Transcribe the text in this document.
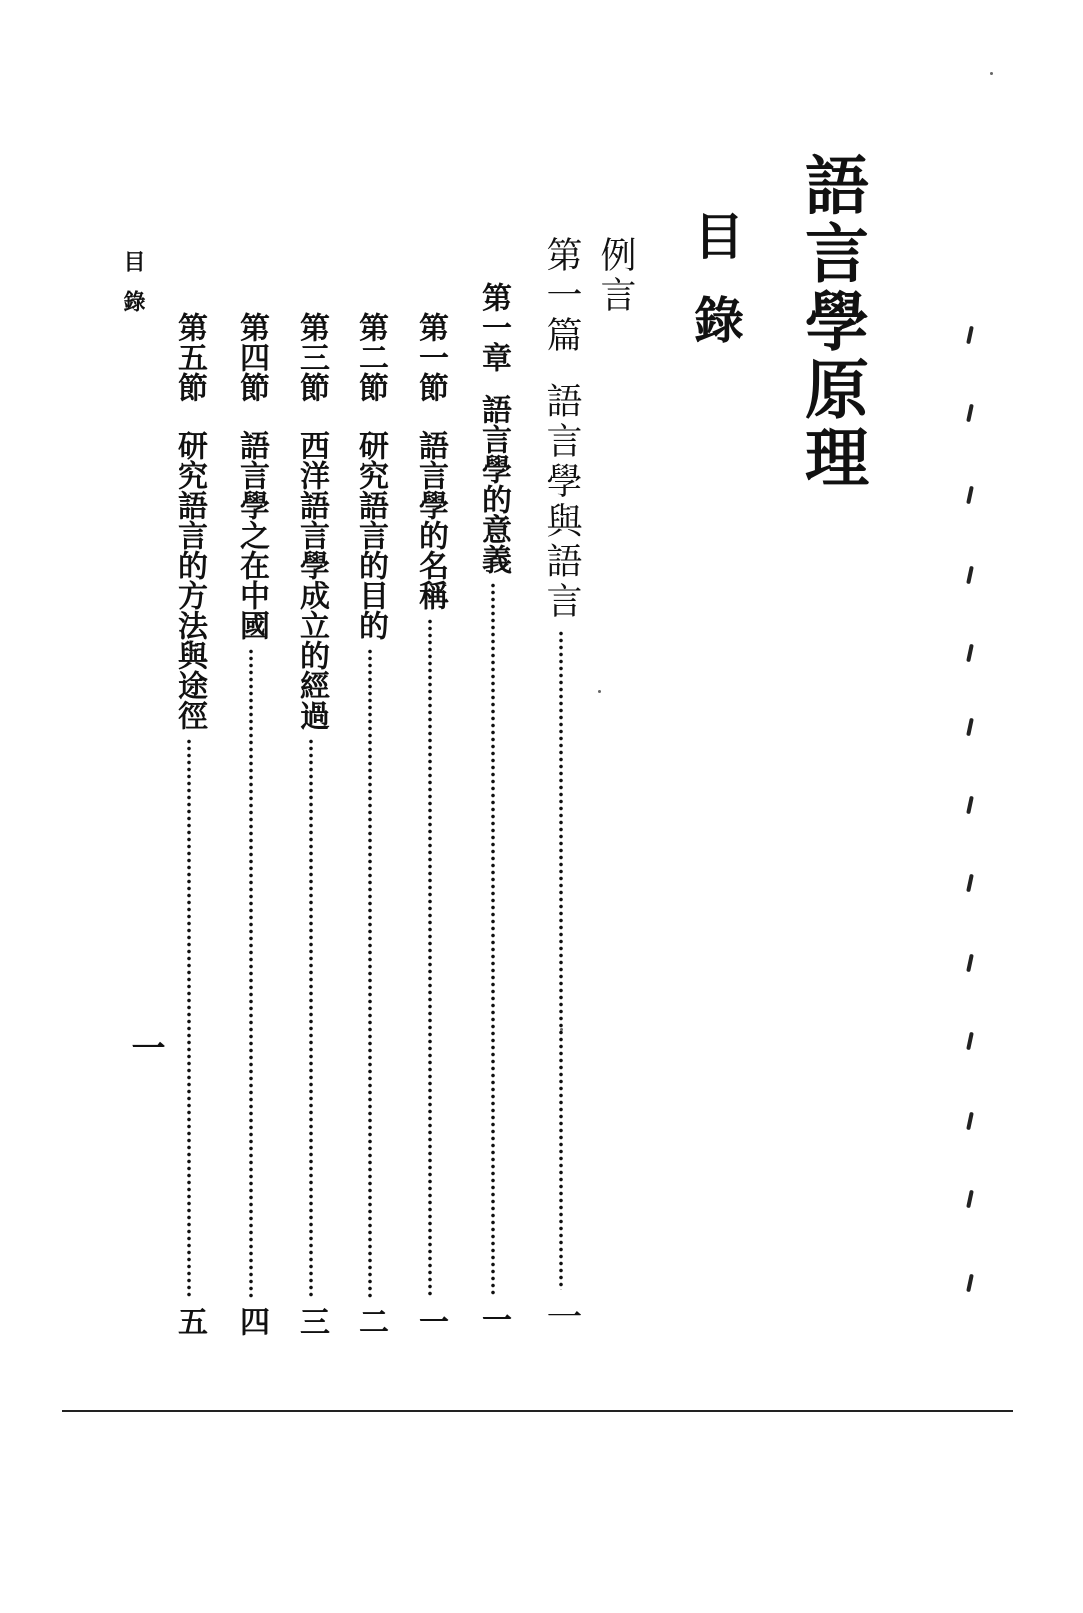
語言學原理
目錄
例言
第一篇
語言學與語言
一
第一章
語言學的意義
一
第一節
語言學的名稱
一
第二節
研究語言的目的
二
第三節
西洋語言學成立的經過
三
第四節
語言學之在中國
四
第五節
研究語言的方法與途徑
五
目錄
一
